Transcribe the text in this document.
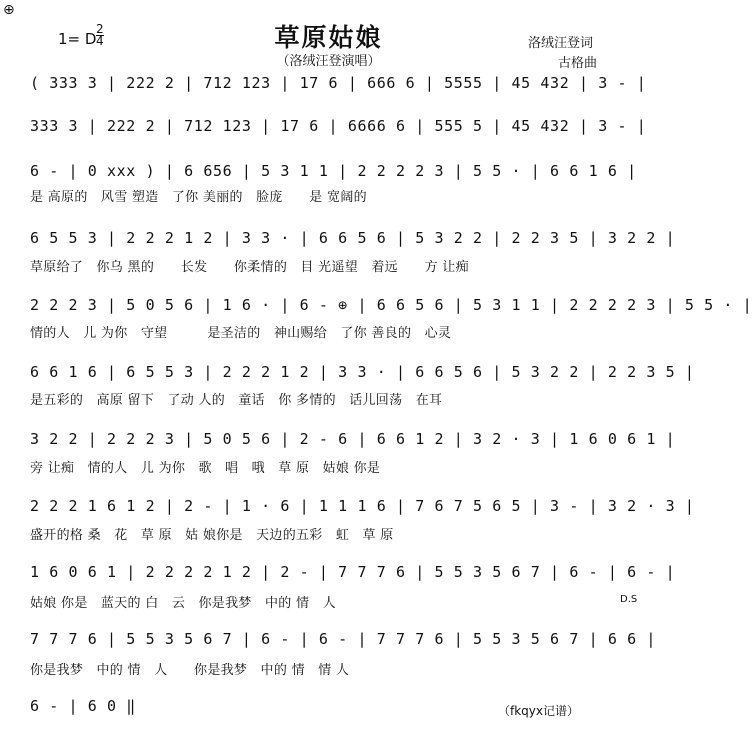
⊕
1= D
2
4	草原姑娘
（洛绒汪登演唱）
洛绒汪登词
古格曲
( 333 3 | 222 2 | 712 123 | 17 6 | 666 6 | 5555 | 45 432 | 3 - |
333 3 | 222 2 | 712 123 | 17 6 | 6666 6 | 555 5 | 45 432 | 3 - |
6 - | 0 xxx ) | 6 656 | 5 3 1 1 | 2 2 2 2 3 | 5 5 · | 6 6 1 6 |
是 高原的　风雪 塑造　了你 美丽的　脸庞　　是 宽阔的
6 5 5 3 | 2 2 2 1 2 | 3 3 · | 6 6 5 6 | 5 3 2 2 | 2 2 3 5 | 3 2 2 |
草原给了　你乌 黑的　　长发　　你柔情的　目 光遥望　着远　　方 让痴
2 2 2 3 | 5 0 5 6 | 1 6 · | 6 - ⊕ | 6 6 5 6 | 5 3 1 1 | 2 2 2 2 3 | 5 5 · |
情的人　儿 为你　守望　　　是圣洁的　神山赐给　了你 善良的　心灵
6 6 1 6 | 6 5 5 3 | 2 2 2 1 2 | 3 3 · | 6 6 5 6 | 5 3 2 2 | 2 2 3 5 |
是五彩的　高原 留下　了动 人的　童话　你 多情的　话儿回荡　在耳
3 2 2 | 2 2 2 3 | 5 0 5 6 | 2 - 6 | 6 6 1 2 | 3 2 · 3 | 1 6 0 6 1 |
旁 让痴　情的人　儿 为你　歌　唱　哦　草 原　姑娘 你是
2 2 2 1 6 1 2 | 2 - | 1 · 6 | 1 1 1 6 | 7 6 7 5 6 5 | 3 - | 3 2 · 3 |
盛开的格 桑　花　草 原　姑 娘你是　天边的五彩　虹　草 原
1 6 0 6 1 | 2 2 2 2 1 2 | 2 - | 7 7 7 6 | 5 5 3 5 6 7 | 6 - | 6 - |
姑娘 你是　蓝天的 白　云　你是我梦　中的 情　人	D.S
7 7 7 6 | 5 5 3 5 6 7 | 6 - | 6 - | 7 7 7 6 | 5 5 3 5 6 7 | 6 6 |
你是我梦　中的 情　人　　你是我梦　中的 情　情 人
6 - | 6 0 ‖	（fkqyx记谱）
